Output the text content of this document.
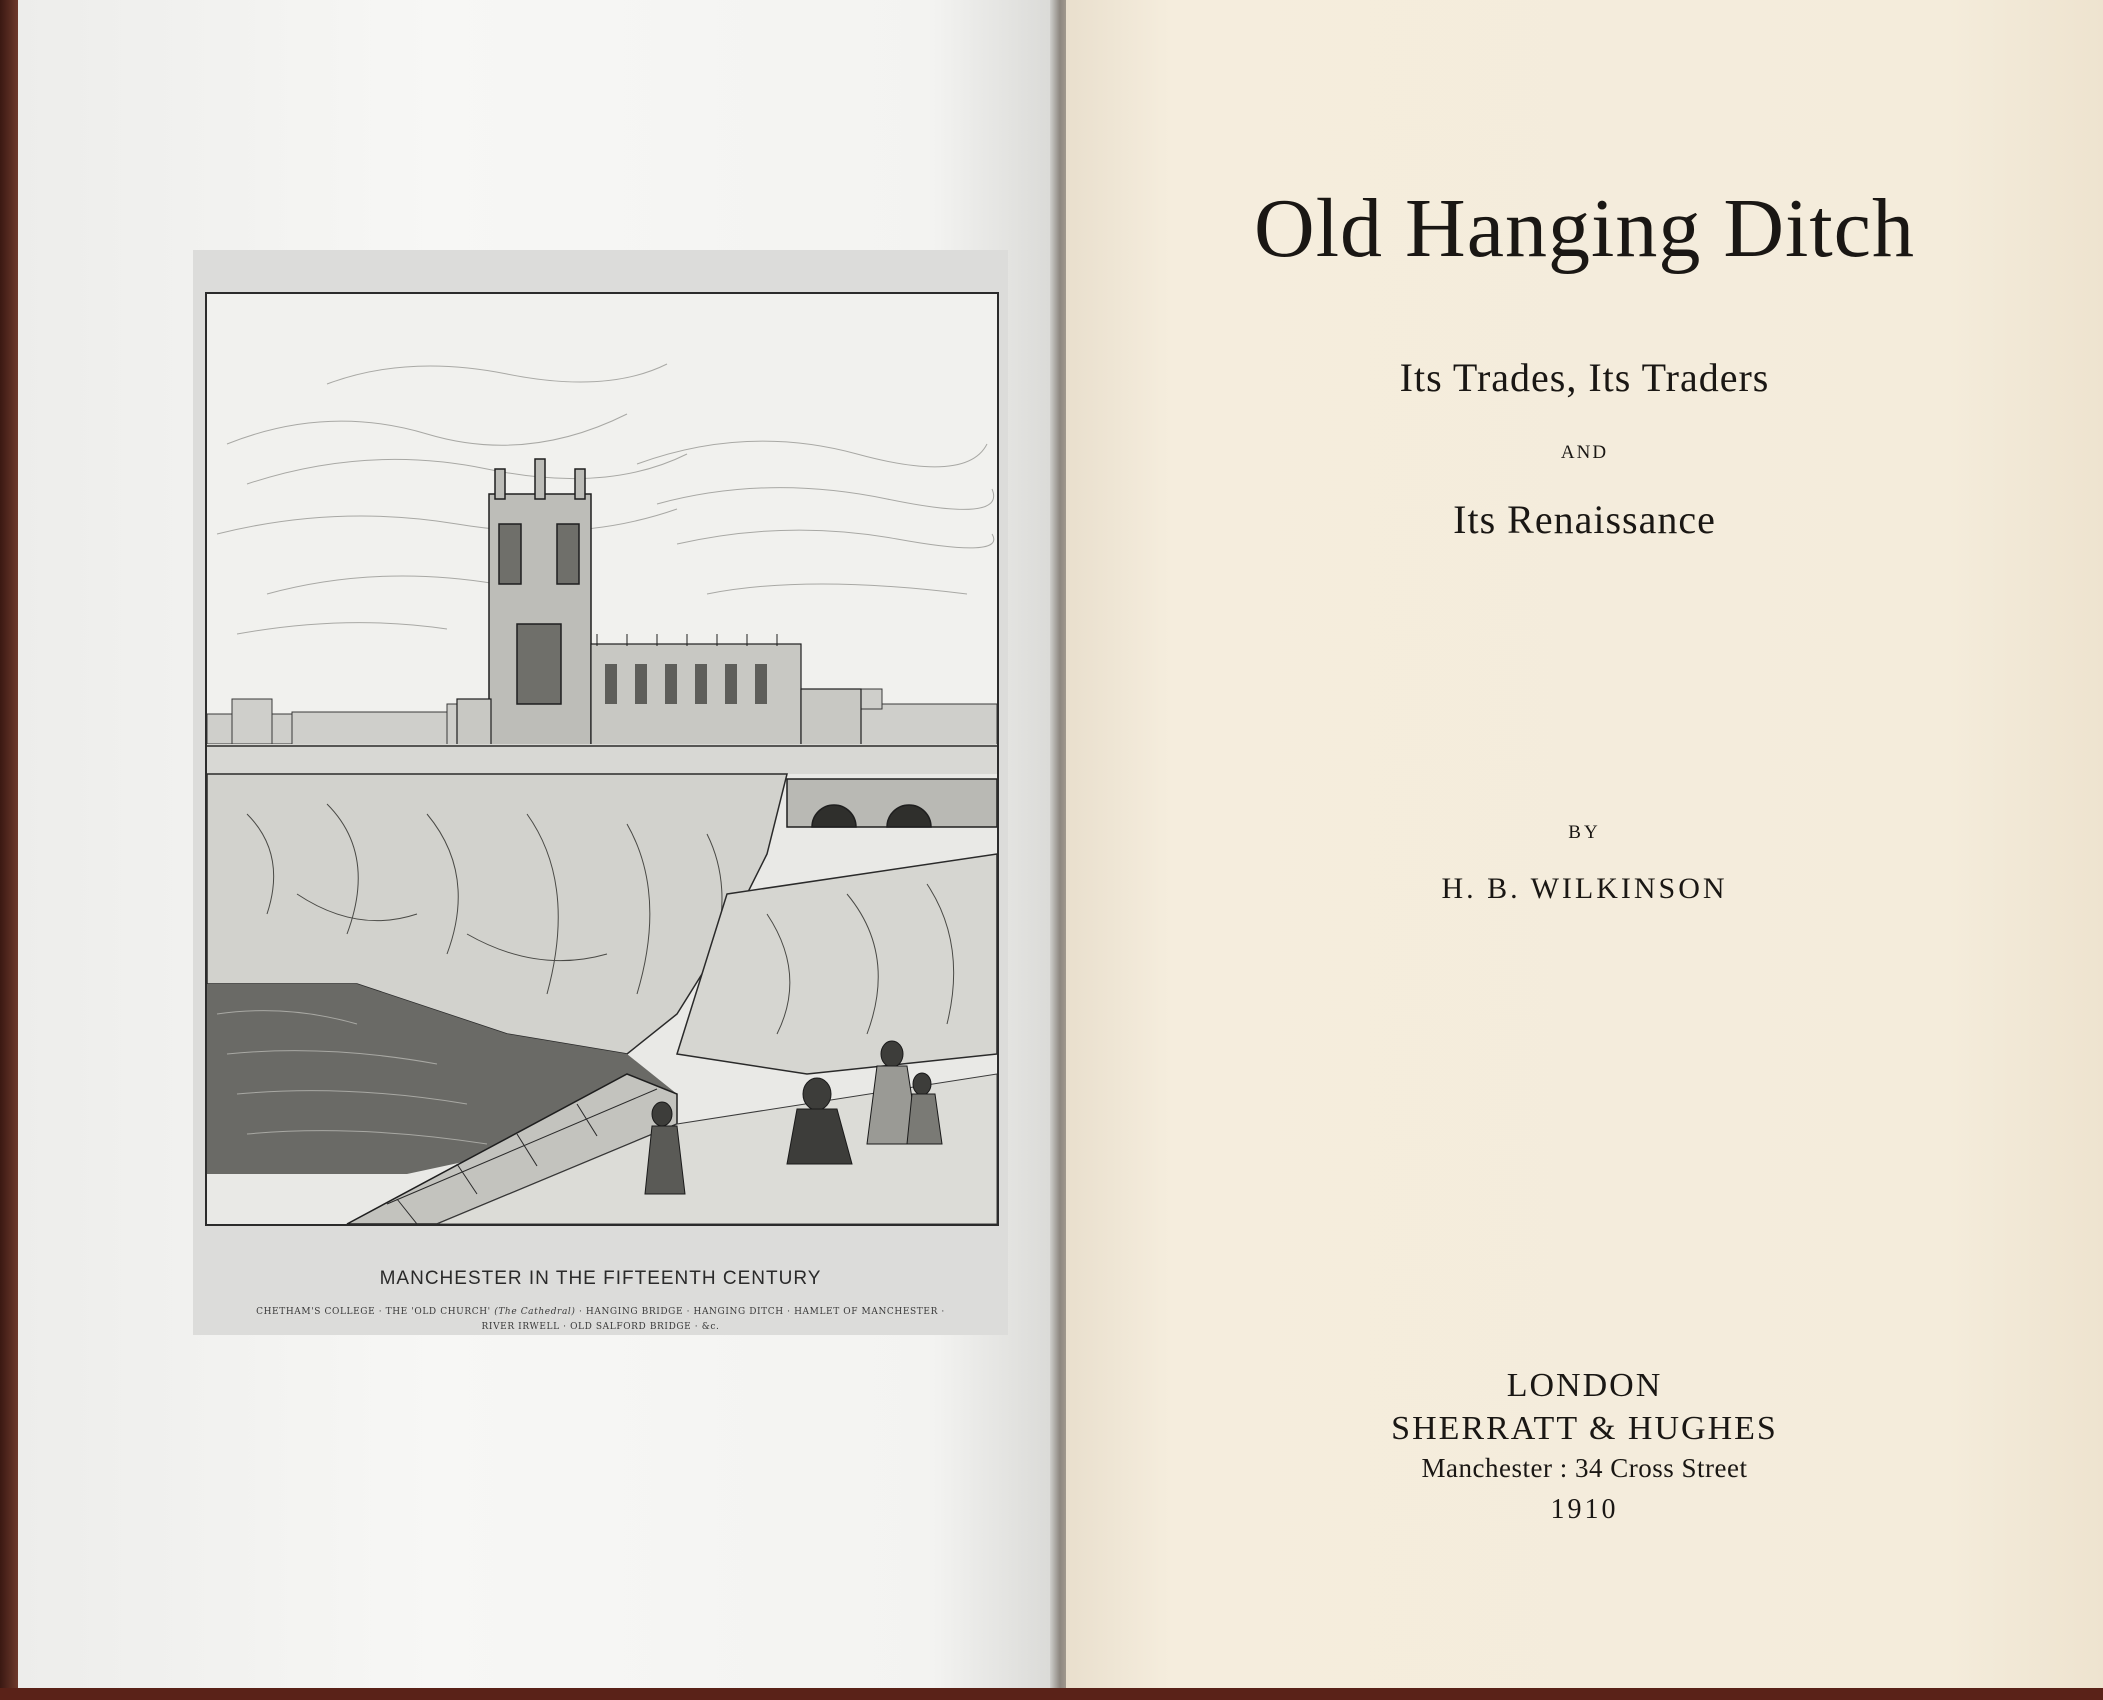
MANCHESTER IN THE FIFTEENTH CENTURY
CHETHAM'S COLLEGE · THE 'OLD CHURCH' (The Cathedral) · HANGING BRIDGE · HANGING DITCH · HAMLET OF MANCHESTER ·
RIVER IRWELL · OLD SALFORD BRIDGE · &c.
Old Hanging Ditch
Its Trades, Its Traders
AND
Its Renaissance
BY
H. B. WILKINSON
LONDON
SHERRATT & HUGHES
Manchester : 34 Cross Street
1910
